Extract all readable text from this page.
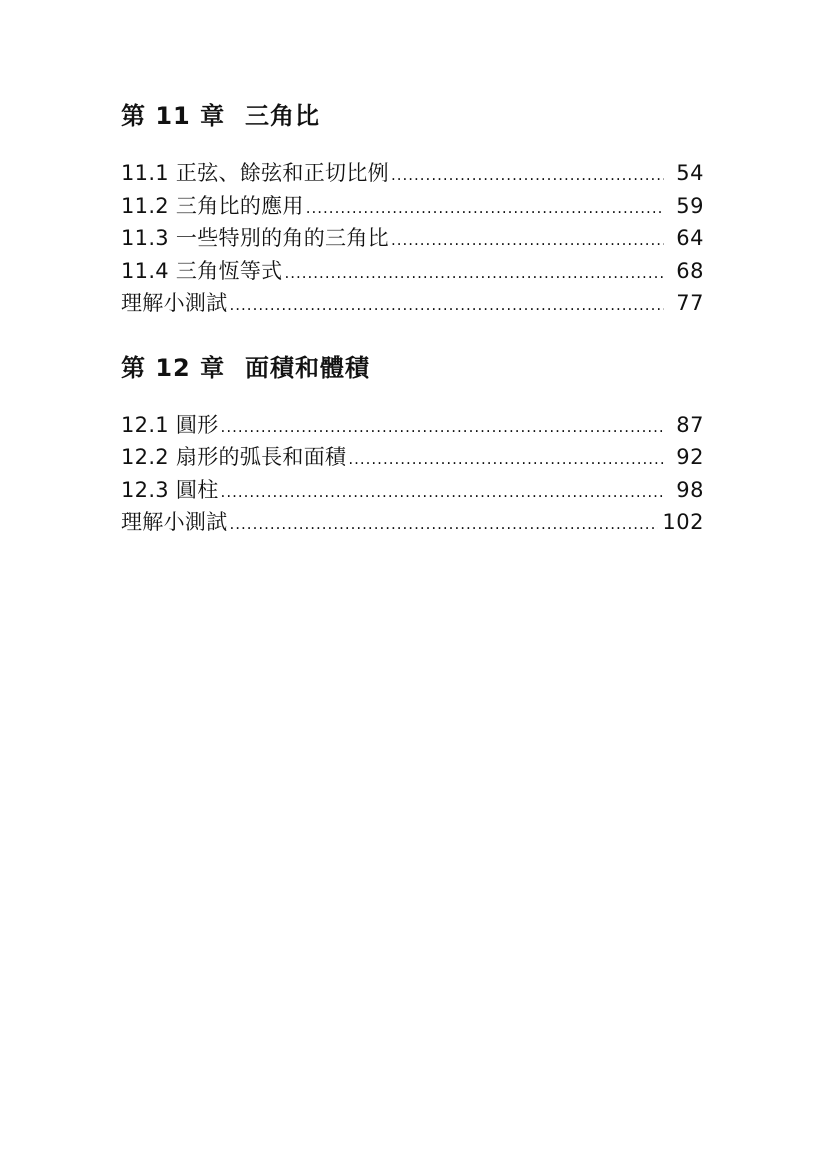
第 11 章 三角比
11.1 正弦、餘弦和正切比例 .....	54
11.2 三角比的應用 .....	59
11.3 一些特別的角的三角比 .....	64
11.4 三角恆等式 .....	68
理解小測試 .....	77
第 12 章 面積和體積
12.1 圓形 .....	87
12.2 扇形的弧長和面積 .....	92
12.3 圓柱 .....	98
理解小測試 .....	102
